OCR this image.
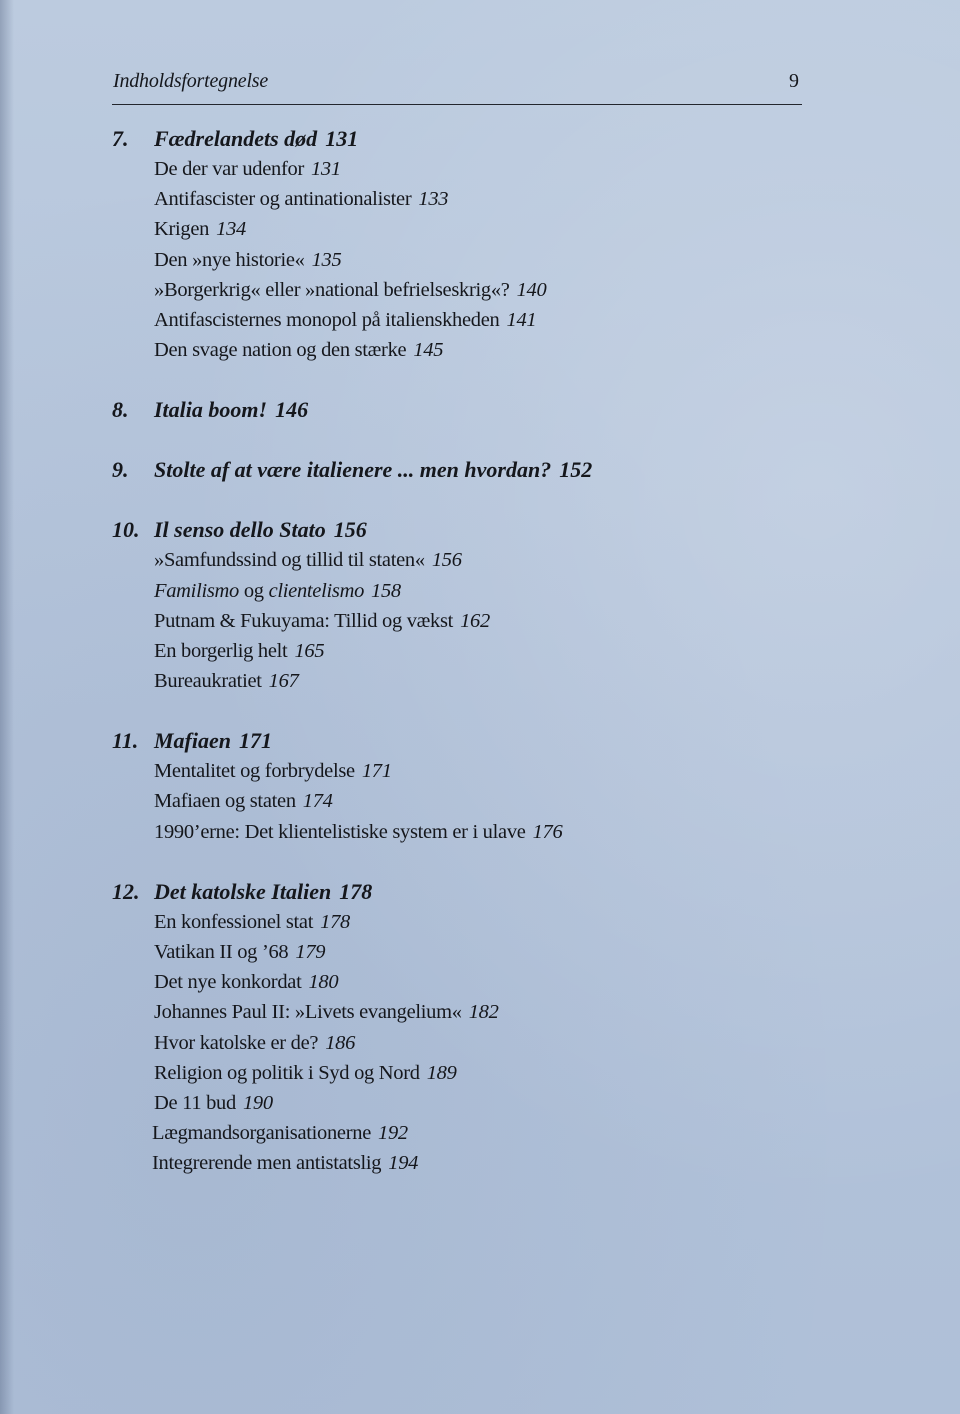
Indholdsfortegnelse	9
7.	Fædrelandets død 131
De der var udenfor 131
Antifascister og antinationalister 133
Krigen 134
Den »nye historie« 135
»Borgerkrig« eller »national befrielseskrig«? 140
Antifascisternes monopol på italienskheden 141
Den svage nation og den stærke 145
8.	Italia boom! 146
9.	Stolte af at være italienere ... men hvordan? 152
10. Il senso dello Stato 156
»Samfundssind og tillid til staten« 156
Familismo og clientelismo 158
Putnam & Fukuyama: Tillid og vækst 162
En borgerlig helt 165
Bureaukratiet 167
11. Mafiaen 171
Mentalitet og forbrydelse 171
Mafiaen og staten 174
1990’erne: Det klientelistiske system er i ulave 176
12. Det katolske Italien 178
En konfessionel stat 178
Vatikan II og ’68 179
Det nye konkordat 180
Johannes Paul II: »Livets evangelium« 182
Hvor katolske er de? 186
Religion og politik i Syd og Nord 189
De 11 bud 190
Lægmandsorganisationerne 192
Integrerende men antistatslig 194
